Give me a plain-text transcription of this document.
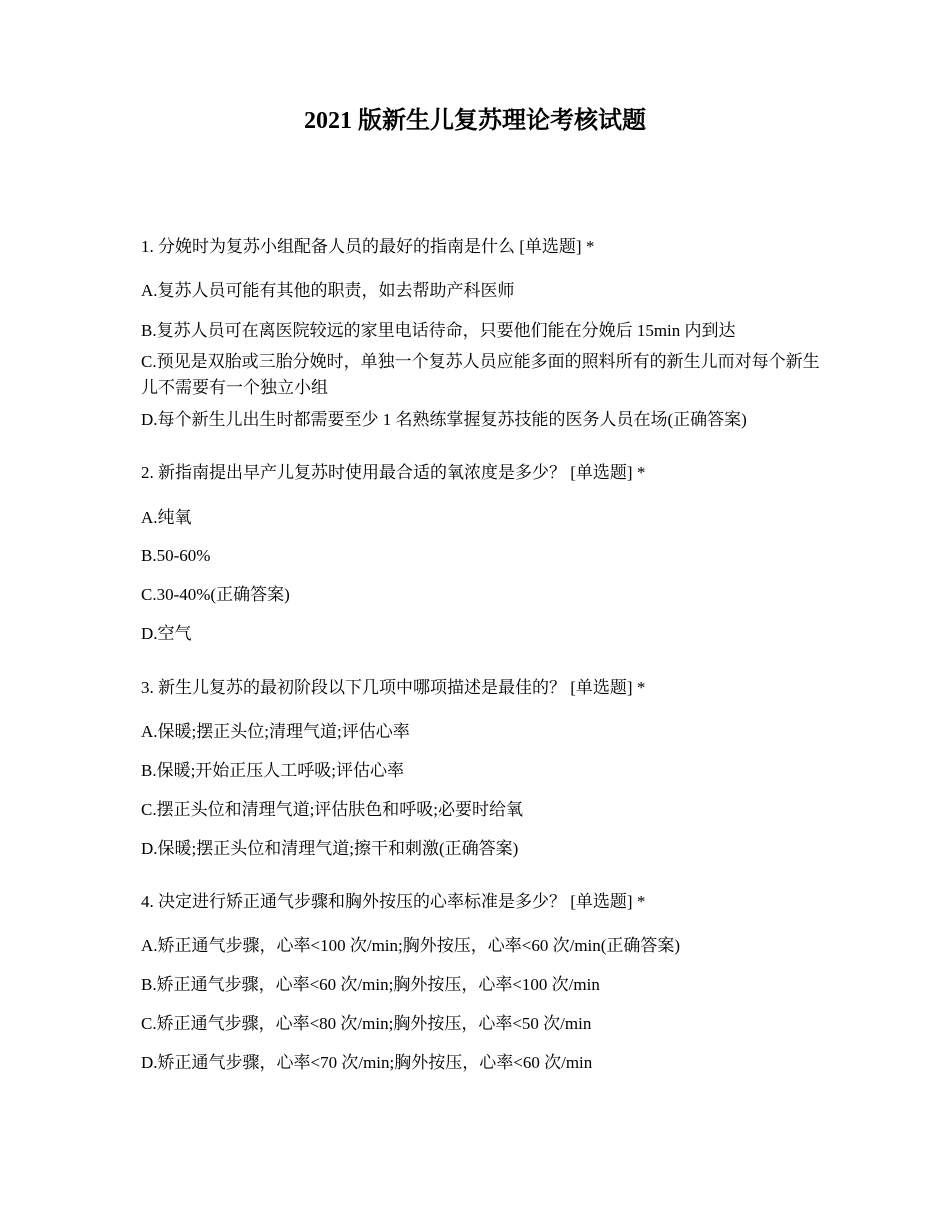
2021 版新生儿复苏理论考核试题
1. 分娩时为复苏小组配备人员的最好的指南是什么 [单选题] *
A.复苏人员可能有其他的职责，如去帮助产科医师
B.复苏人员可在离医院较远的家里电话待命，只要他们能在分娩后 15min 内到达
C.预见是双胎或三胎分娩时，单独一个复苏人员应能多面的照料所有的新生儿而对每个新生儿不需要有一个独立小组
D.每个新生儿出生时都需要至少 1 名熟练掌握复苏技能的医务人员在场(正确答案)
2. 新指南提出早产儿复苏时使用最合适的氧浓度是多少？ [单选题] *
A.纯氧
B.50-60%
C.30-40%(正确答案)
D.空气
3. 新生儿复苏的最初阶段以下几项中哪项描述是最佳的？ [单选题] *
A.保暖;摆正头位;清理气道;评估心率
B.保暖;开始正压人工呼吸;评估心率
C.摆正头位和清理气道;评估肤色和呼吸;必要时给氧
D.保暖;摆正头位和清理气道;擦干和刺激(正确答案)
4. 决定进行矫正通气步骤和胸外按压的心率标准是多少？ [单选题] *
A.矫正通气步骤，心率<100 次/min;胸外按压，心率<60 次/min(正确答案)
B.矫正通气步骤，心率<60 次/min;胸外按压，心率<100 次/min
C.矫正通气步骤，心率<80 次/min;胸外按压，心率<50 次/min
D.矫正通气步骤，心率<70 次/min;胸外按压，心率<60 次/min
